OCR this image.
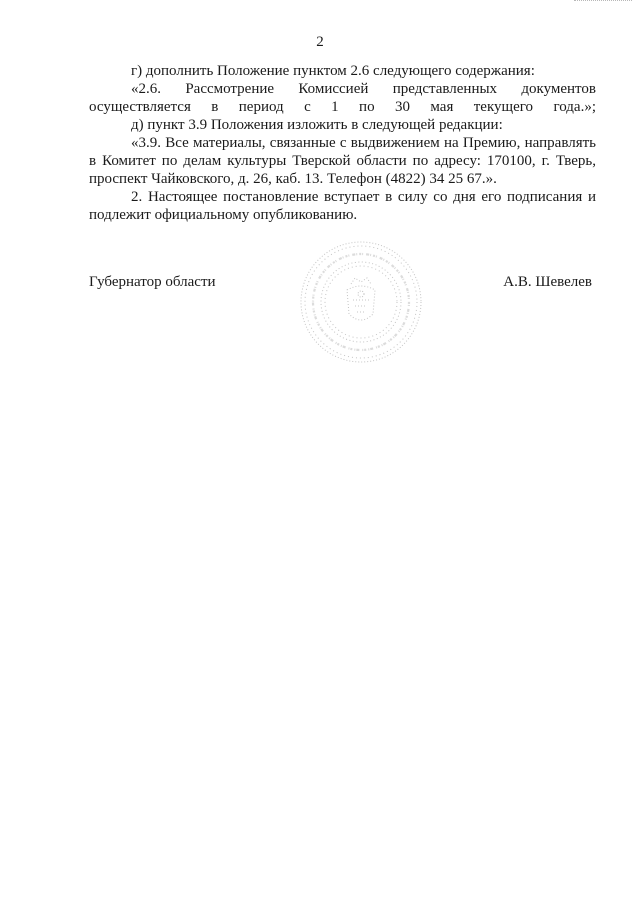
2

г) дополнить Положение пунктом 2.6 следующего содержания:

«2.6. Рассмотрение Комиссией представленных документов осуществляется в период с 1 по 30 мая текущего года.»;

д) пункт 3.9 Положения изложить в следующей редакции:

«3.9. Все материалы, связанные с выдвижением на Премию, направлять в Комитет по делам культуры Тверской области по адресу: 170100, г. Тверь, проспект Чайковского, д. 26, каб. 13. Телефон (4822) 34 25 67.».

2. Настоящее постановление вступает в силу со дня его подписания и подлежит официальному опубликованию.

Губернатор области	А.В. Шевелев
